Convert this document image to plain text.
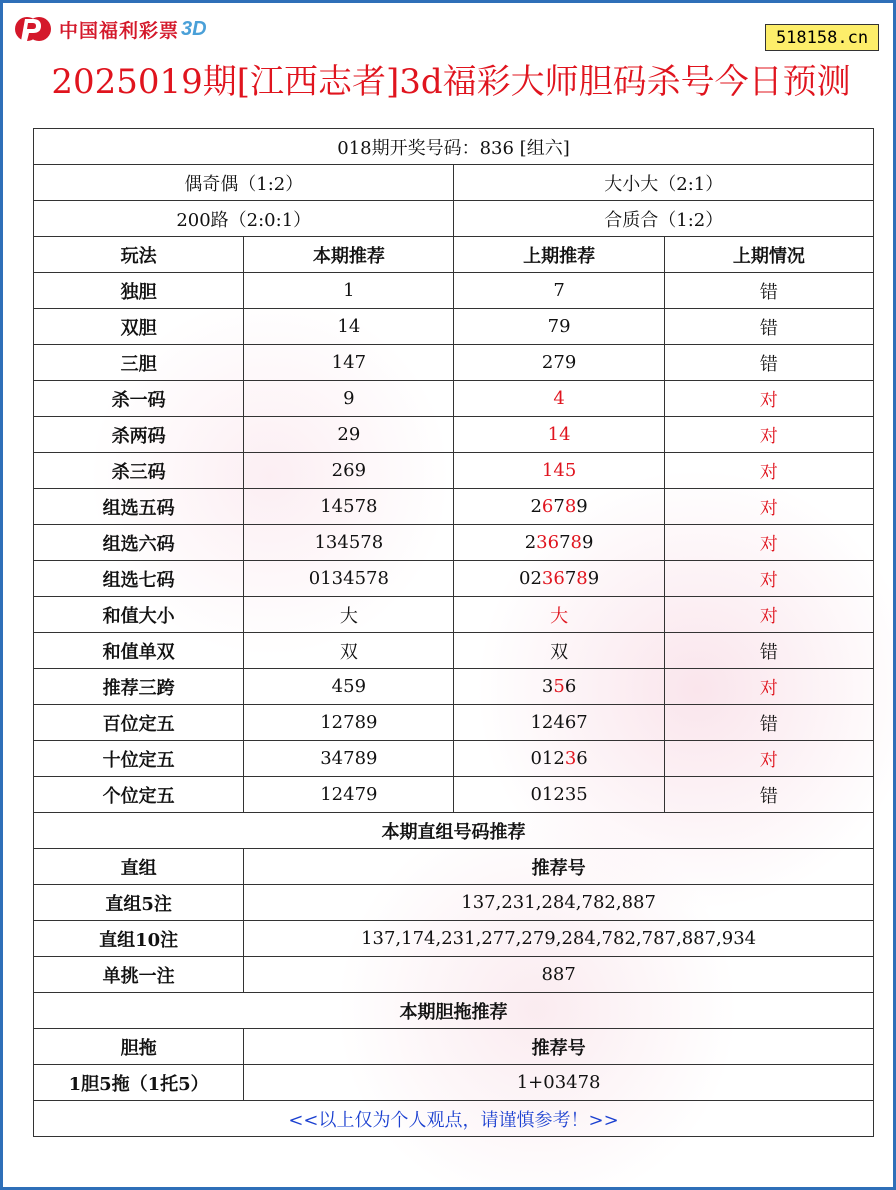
中国福利彩票 3D	518158.cn
2025019期[江西志者]3d福彩大师胆码杀号今日预测
018期开奖号码：836 [组六]			
偶奇偶（1:2）		大小大（2:1）	
200路（2:0:1）		合质合（1:2）	
玩法	本期推荐	上期推荐	上期情况
独胆	1	7	错
双胆	14	79	错
三胆	147	279	错
杀一码	9	4	对
杀两码	29	14	对
杀三码	269	145	对
组选五码	14578	26789	对
组选六码	134578	236789	对
组选七码	0134578	0236789	对
和值大小	大	大	对
和值单双	双	双	错
推荐三跨	459	356	对
百位定五	12789	12467	错
十位定五	34789	01236	对
个位定五	12479	01235	错
本期直组号码推荐			
直组	推荐号		
直组5注	137,231,284,782,887		
直组10注	137,174,231,277,279,284,782,787,887,934		
单挑一注	887		
本期胆拖推荐			
胆拖	推荐号		
1胆5拖（1托5）	1+03478		
<<以上仅为个人观点，请谨慎参考！>>			
